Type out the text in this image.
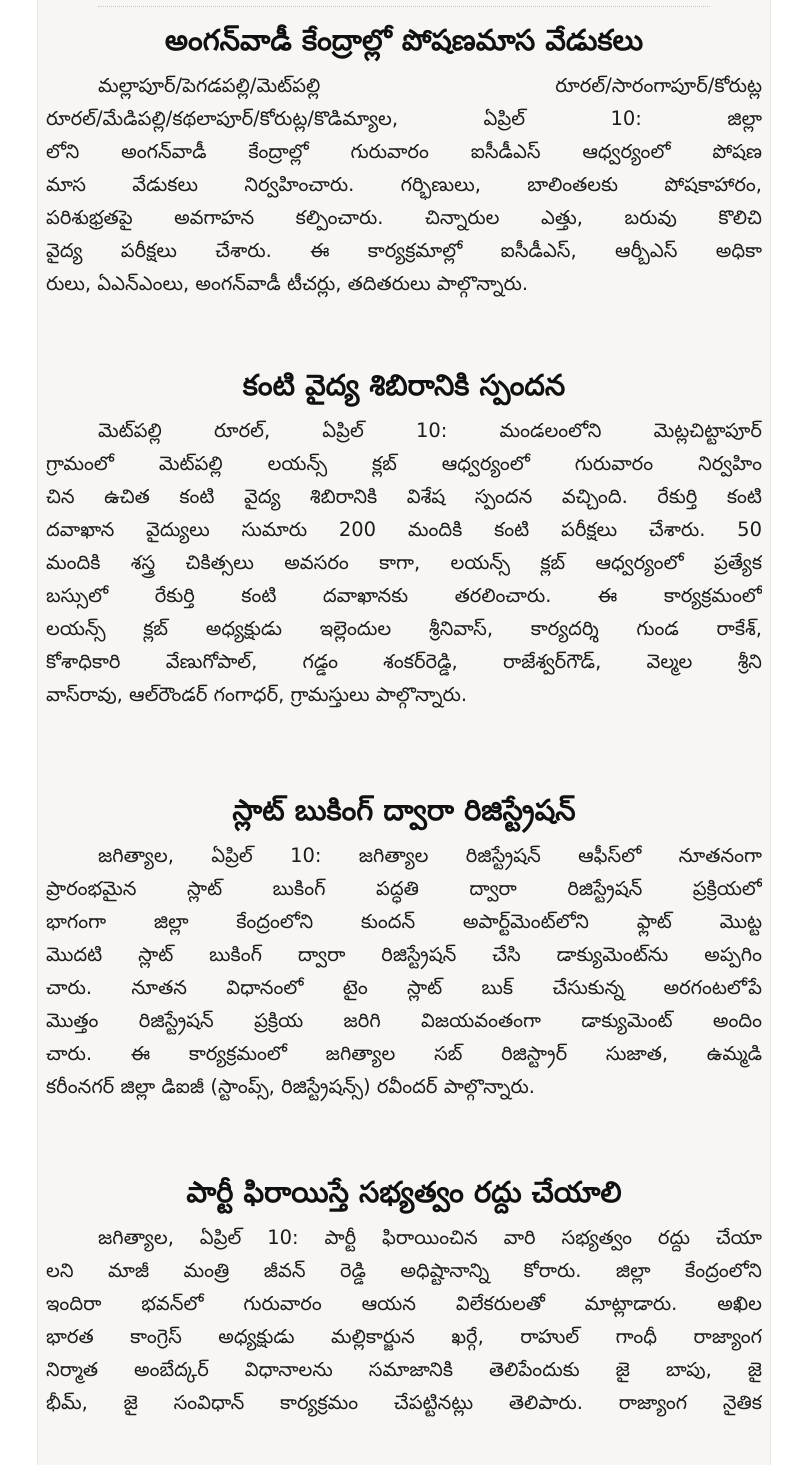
అంగన్‌వాడీ కేంద్రాల్లో పోషణమాస వేడుకలు

మల్లాపూర్/పెగడపల్లి/మెట్‌పల్లి రూరల్/సారంగాపూర్/కోరుట్ల
రూరల్/మేడిపల్లి/కథలాపూర్/కోరుట్ల/కొడిమ్యాల, ఏప్రిల్ 10: జిల్లా
లోని అంగన్‌వాడీ కేంద్రాల్లో గురువారం ఐసీడీఎస్ ఆధ్వర్యంలో పోషణ
మాస వేడుకలు నిర్వహించారు. గర్భిణులు, బాలింతలకు పోషకాహారం,
పరిశుభ్రతపై అవగాహన కల్పించారు. చిన్నారుల ఎత్తు, బరువు కొలిచి
వైద్య పరీక్షలు చేశారు. ఈ కార్యక్రమాల్లో ఐసీడీఎస్, ఆర్బీఎస్ అధికా
రులు, ఏఎన్ఎంలు, అంగన్‌వాడీ టీచర్లు, తదితరులు పాల్గొన్నారు.

కంటి వైద్య శిబిరానికి స్పందన

మెట్‌పల్లి రూరల్, ఏప్రిల్ 10: మండలంలోని మెట్లచిట్టాపూర్
గ్రామంలో మెట్‌పల్లి లయన్స్ క్లబ్ ఆధ్వర్యంలో గురువారం నిర్వహిం
చిన ఉచిత కంటి వైద్య శిబిరానికి విశేష స్పందన వచ్చింది. రేకుర్తి కంటి
దవాఖాన వైద్యులు సుమారు 200 మందికి కంటి పరీక్షలు చేశారు. 50
మందికి శస్త్ర చికిత్సలు అవసరం కాగా, లయన్స్ క్లబ్ ఆధ్వర్యంలో ప్రత్యేక
బస్సులో రేకుర్తి కంటి దవాఖానకు తరలించారు. ఈ కార్యక్రమంలో
లయన్స్ క్లబ్ అధ్యక్షుడు ఇల్లెందుల శ్రీనివాస్, కార్యదర్శి గుండ రాకేశ్,
కోశాధికారి వేణుగోపాల్, గడ్డం శంకర్‌రెడ్డి, రాజేశ్వర్‌గౌడ్, వెల్మల శ్రీని
వాస్‌రావు, ఆల్‌రౌండర్ గంగాధర్, గ్రామస్తులు పాల్గొన్నారు.

స్లాట్ బుకింగ్ ద్వారా రిజిస్ట్రేషన్

జగిత్యాల, ఏప్రిల్ 10: జగిత్యాల రిజిస్ట్రేషన్ ఆఫీస్‌లో నూతనంగా
ప్రారంభమైన స్లాట్ బుకింగ్ పద్ధతి ద్వారా రిజిస్ట్రేషన్ ప్రక్రియలో
భాగంగా జిల్లా కేంద్రంలోని కుందన్ అపార్ట్‌మెంట్‌లోని ఫ్లాట్ మొట్ట
మొదటి స్లాట్ బుకింగ్ ద్వారా రిజిస్ట్రేషన్ చేసి డాక్యుమెంట్‌ను అప్పగిం
చారు. నూతన విధానంలో టైం స్లాట్ బుక్ చేసుకున్న అరగంటలోపే
మొత్తం రిజిస్ట్రేషన్ ప్రక్రియ జరిగి విజయవంతంగా డాక్యుమెంట్ అందిం
చారు. ఈ కార్యక్రమంలో జగిత్యాల సబ్ రిజిస్ట్రార్ సుజాత, ఉమ్మడి
కరీంనగర్ జిల్లా డిఐజీ (స్టాంప్స్, రిజిస్ట్రేషన్స్) రవీందర్ పాల్గొన్నారు.

పార్టీ ఫిరాయిస్తే సభ్యత్వం రద్దు చేయాలి

జగిత్యాల, ఏప్రిల్ 10: పార్టీ ఫిరాయించిన వారి సభ్యత్వం రద్దు చేయా
లని మాజీ మంత్రి జీవన్ రెడ్డి అధిష్టానాన్ని కోరారు. జిల్లా కేంద్రంలోని
ఇందిరా భవన్‌లో గురువారం ఆయన విలేకరులతో మాట్లాడారు. అఖిల
భారత కాంగ్రెస్ అధ్యక్షుడు మల్లికార్జున ఖర్గే, రాహుల్ గాంధీ రాజ్యాంగ
నిర్మాత అంబేద్కర్ విధానాలను సమాజానికి తెలిపేందుకు జై బాపు, జై
భీమ్, జై సంవిధాన్ కార్యక్రమం చేపట్టినట్లు తెలిపారు. రాజ్యాంగ నైతిక
